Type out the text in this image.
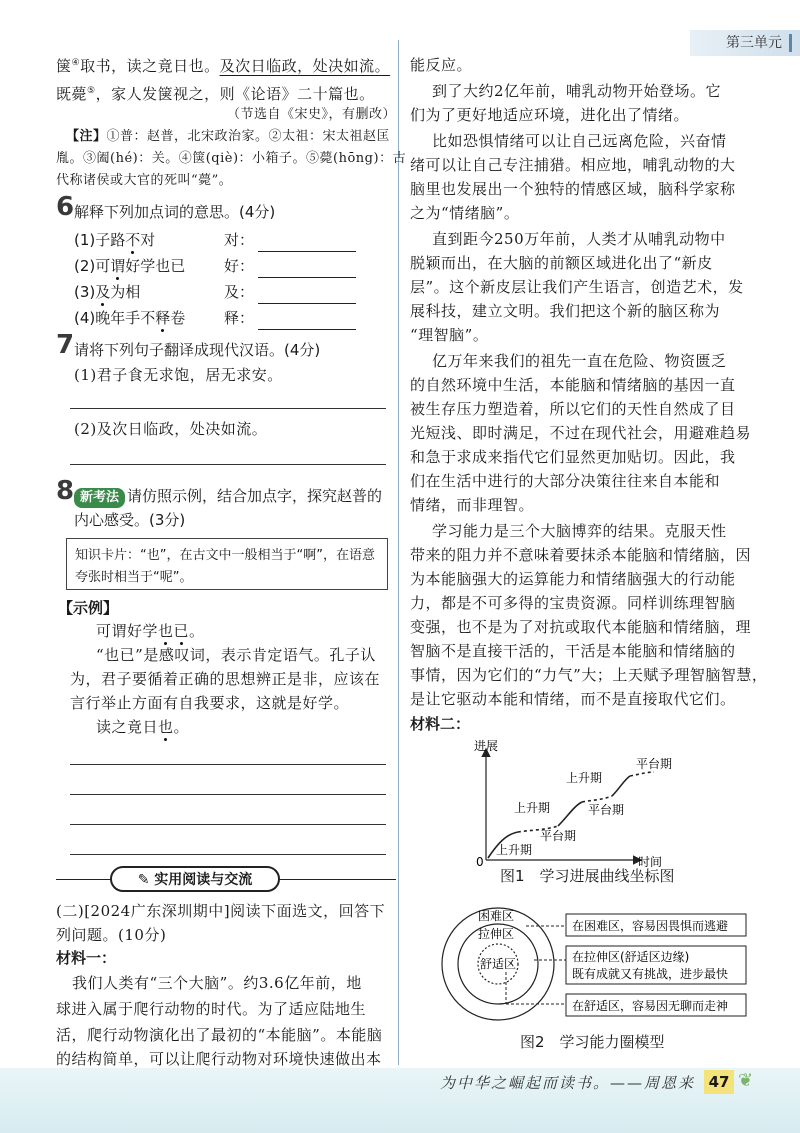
第三单元
箧④取书，读之竟日也。及次日临政，处决如流。
既薨⑤，家人发箧视之，则《论语》二十篇也。
（节选自《宋史》，有删改）
【注】①普：赵普，北宋政治家。②太祖：宋太祖赵匡
胤。③阖(hé)：关。④箧(qiè)：小箱子。⑤薨(hōng)：古
代称诸侯或大官的死叫“薨”。
6 解释下列加点词的意思。(4分)
(1)子路不对	对：
(2)可谓好学也已	好：
(3)及为相	及：
(4)晚年手不释卷	释：
7 请将下列句子翻译成现代汉语。(4分)
(1)君子食无求饱，居无求安。
(2)及次日临政，处决如流。
8 新考法 请仿照示例，结合加点字，探究赵普的
内心感受。(3分)
知识卡片：“也”，在古文中一般相当于“啊”，在语意
夸张时相当于“呢”。
【示例】
可谓好学也已。
“也已”是感叹词，表示肯定语气。孔子认
为，君子要循着正确的思想辨正是非，应该在
言行举止方面有自我要求，这就是好学。
读之竟日也。
(二)[2024广东深圳期中]阅读下面选文，回答下
列问题。(10分)
材料一：
我们人类有“三个大脑”。约3.6亿年前，地
球进入属于爬行动物的时代。为了适应陆地生
活，爬行动物演化出了最初的“本能脑”。本能脑
的结构简单，可以让爬行动物对环境快速做出本
✎ 实用阅读与交流
能反应。
到了大约2亿年前，哺乳动物开始登场。它
们为了更好地适应环境，进化出了情绪。
比如恐惧情绪可以让自己远离危险，兴奋情
绪可以让自己专注捕猎。相应地，哺乳动物的大
脑里也发展出一个独特的情感区域，脑科学家称
之为“情绪脑”。
直到距今250万年前，人类才从哺乳动物中
脱颖而出，在大脑的前额区域进化出了“新皮
层”。这个新皮层让我们产生语言，创造艺术，发
展科技，建立文明。我们把这个新的脑区称为
“理智脑”。
亿万年来我们的祖先一直在危险、物资匮乏
的自然环境中生活，本能脑和情绪脑的基因一直
被生存压力塑造着，所以它们的天性自然成了目
光短浅、即时满足，不过在现代社会，用避难趋易
和急于求成来指代它们显然更加贴切。因此，我
们在生活中进行的大部分决策往往来自本能和
情绪，而非理智。
学习能力是三个大脑博弈的结果。克服天性
带来的阻力并不意味着要抹杀本能脑和情绪脑，因
为本能脑强大的运算能力和情绪脑强大的行动能
力，都是不可多得的宝贵资源。同样训练理智脑
变强，也不是为了对抗或取代本能脑和情绪脑，理
智脑不是直接干活的，干活是本能脑和情绪脑的
事情，因为它们的“力气”大；上天赋予理智脑智慧，
是让它驱动本能和情绪，而不是直接取代它们。
材料二：
进展
时间
0
上升期
平台期
上升期	平台期
上升期
平台期
图1　学习进展曲线坐标图
困难区
拉伸区
舒适区
在困难区，容易因畏惧而逃避
在拉伸区(舒适区边缘)
既有成就又有挑战，进步最快
在舒适区，容易因无聊而走神
图2　学习能力圈模型
为中华之崛起而读书。——周恩来 47 ❦
